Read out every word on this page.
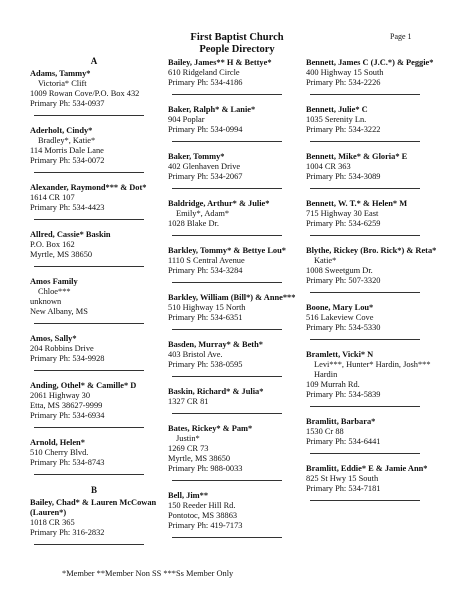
First Baptist Church
People Directory
Page 1
A
Adams, Tammy*
Victoria* Clift
1009 Rowan Cove/P.O. Box 432
Primary Ph: 534-0937
Aderholt, Cindy*
Bradley*, Katie*
114 Morris Dale Lane
Primary Ph: 534-0072
Alexander, Raymond*** & Dot*
1614 CR 107
Primary Ph: 534-4423
Allred, Cassie* Baskin
P.O. Box 162
Myrtle, MS 38650
Amos Family
Chloe***
unknown
New Albany, MS
Amos, Sally*
204 Robbins Drive
Primary Ph: 534-9928
Anding, Othel* & Camille* D
2061 Highway 30
Etta, MS 38627-9999
Primary Ph: 534-6934
Arnold, Helen*
510 Cherry Blvd.
Primary Ph: 534-8743
B
Bailey, Chad* & Lauren McCowan (Lauren*)
1018 CR 365
Primary Ph: 316-2832
Bailey, James** H & Bettye*
610 Ridgeland Circle
Primary Ph: 534-4186
Baker, Ralph* & Lanie*
904 Poplar
Primary Ph: 534-0994
Baker, Tommy*
402 Glenhaven Drive
Primary Ph: 534-2067
Baldridge, Arthur* & Julie*
Emily*, Adam*
1028 Blake Dr.
Barkley, Tommy* & Bettye Lou*
1110 S Central Avenue
Primary Ph: 534-3284
Barkley, William (Bill*) & Anne***
510 Highway 15 North
Primary Ph: 534-6351
Basden, Murray* & Beth*
403 Bristol Ave.
Primary Ph: 538-0595
Baskin, Richard* & Julia*
1327 CR 81
Bates, Rickey* & Pam*
Justin*
1269 CR 73
Myrtle, MS 38650
Primary Ph: 988-0033
Bell, Jim**
150 Reeder Hill Rd.
Pontotoc, MS 38863
Primary Ph: 419-7173
Bennett, James C (J.C.*) & Peggie*
400 Highway 15 South
Primary Ph: 534-2226
Bennett, Julie* C
1035 Serenity Ln.
Primary Ph: 534-3222
Bennett, Mike* & Gloria* E
1004 CR 363
Primary Ph: 534-3089
Bennett, W. T.* & Helen* M
715 Highway 30 East
Primary Ph: 534-6259
Blythe, Rickey (Bro. Rick*) & Reta*
Katie*
1008 Sweetgum Dr.
Primary Ph: 507-3320
Boone, Mary Lou*
516 Lakeview Cove
Primary Ph: 534-5330
Bramlett, Vicki* N
Levi***, Hunter* Hardin, Josh***
Hardin
109 Murrah Rd.
Primary Ph: 534-5839
Bramlitt, Barbara*
1530 Cr 88
Primary Ph: 534-6441
Bramlitt, Eddie* E & Jamie Ann*
825 St Hwy 15 South
Primary Ph: 534-7181
*Member **Member Non SS ***Ss Member Only
